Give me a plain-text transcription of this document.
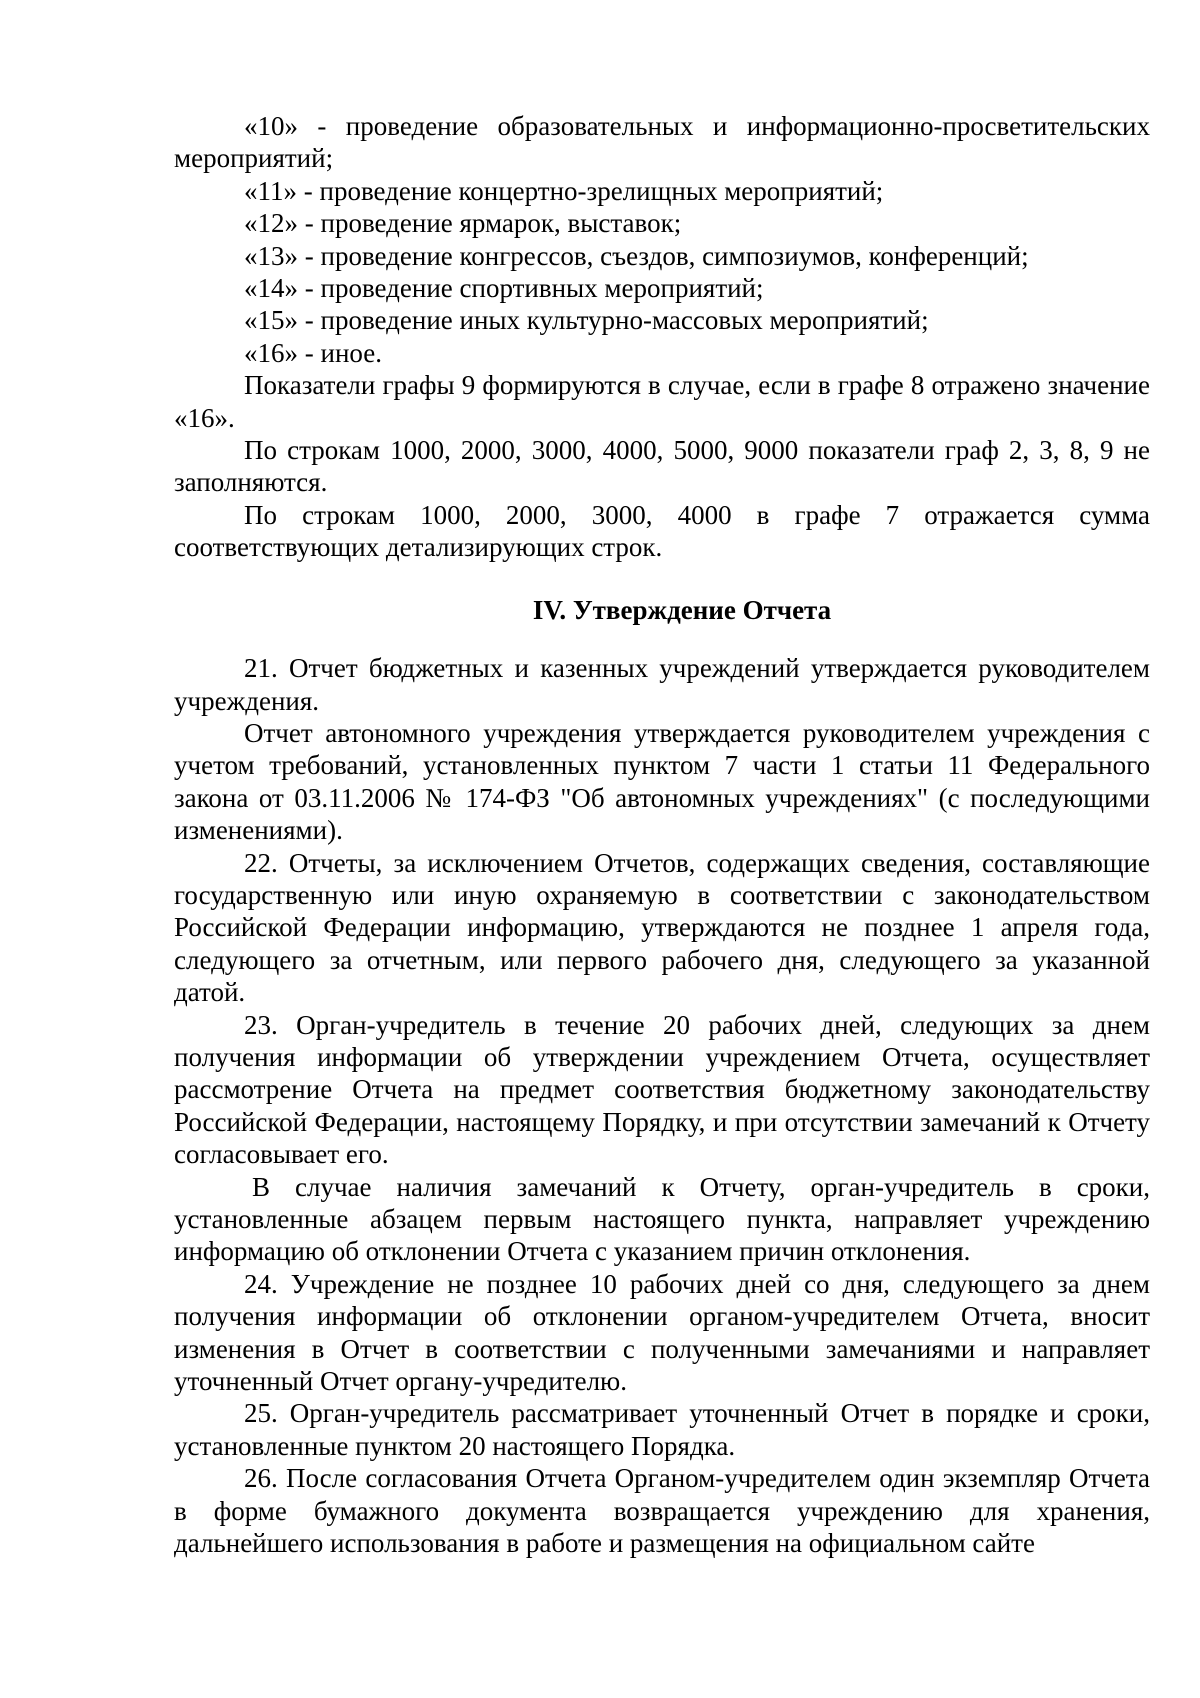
«10» - проведение образовательных и информационно-просветительских мероприятий;

«11» - проведение концертно-зрелищных мероприятий;

«12» - проведение ярмарок, выставок;

«13» - проведение конгрессов, съездов, симпозиумов, конференций;

«14» - проведение спортивных мероприятий;

«15» - проведение иных культурно-массовых мероприятий;

«16» - иное.

Показатели графы 9 формируются в случае, если в графе 8 отражено значение «16».

По строкам 1000, 2000, 3000, 4000, 5000, 9000 показатели граф 2, 3, 8, 9 не заполняются.

По строкам 1000, 2000, 3000, 4000 в графе 7 отражается сумма соответствующих детализирующих строк.

IV. Утверждение Отчета

21. Отчет бюджетных и казенных учреждений утверждается руководителем учреждения.

Отчет автономного учреждения утверждается руководителем учреждения с учетом требований, установленных пунктом 7 части 1 статьи 11 Федерального закона от 03.11.2006 № 174-ФЗ "Об автономных учреждениях" (с последующими изменениями).

22. Отчеты, за исключением Отчетов, содержащих сведения, составляющие государственную или иную охраняемую в соответствии с законодательством Российской Федерации информацию, утверждаются не позднее 1 апреля года, следующего за отчетным, или первого рабочего дня, следующего за указанной датой.

23. Орган-учредитель в течение 20 рабочих дней, следующих за днем получения информации об утверждении учреждением Отчета, осуществляет рассмотрение Отчета на предмет соответствия бюджетному законодательству Российской Федерации, настоящему Порядку, и при отсутствии замечаний к Отчету согласовывает его.

В случае наличия замечаний к Отчету, орган-учредитель в сроки, установленные абзацем первым настоящего пункта, направляет учреждению информацию об отклонении Отчета с указанием причин отклонения.

24. Учреждение не позднее 10 рабочих дней со дня, следующего за днем получения информации об отклонении органом-учредителем Отчета, вносит изменения в Отчет в соответствии с полученными замечаниями и направляет уточненный Отчет органу-учредителю.

25. Орган-учредитель рассматривает уточненный Отчет в порядке и сроки, установленные пунктом 20 настоящего Порядка.

26. После согласования Отчета Органом-учредителем один экземпляр Отчета в форме бумажного документа возвращается учреждению для хранения, дальнейшего использования в работе и размещения на официальном сайте
